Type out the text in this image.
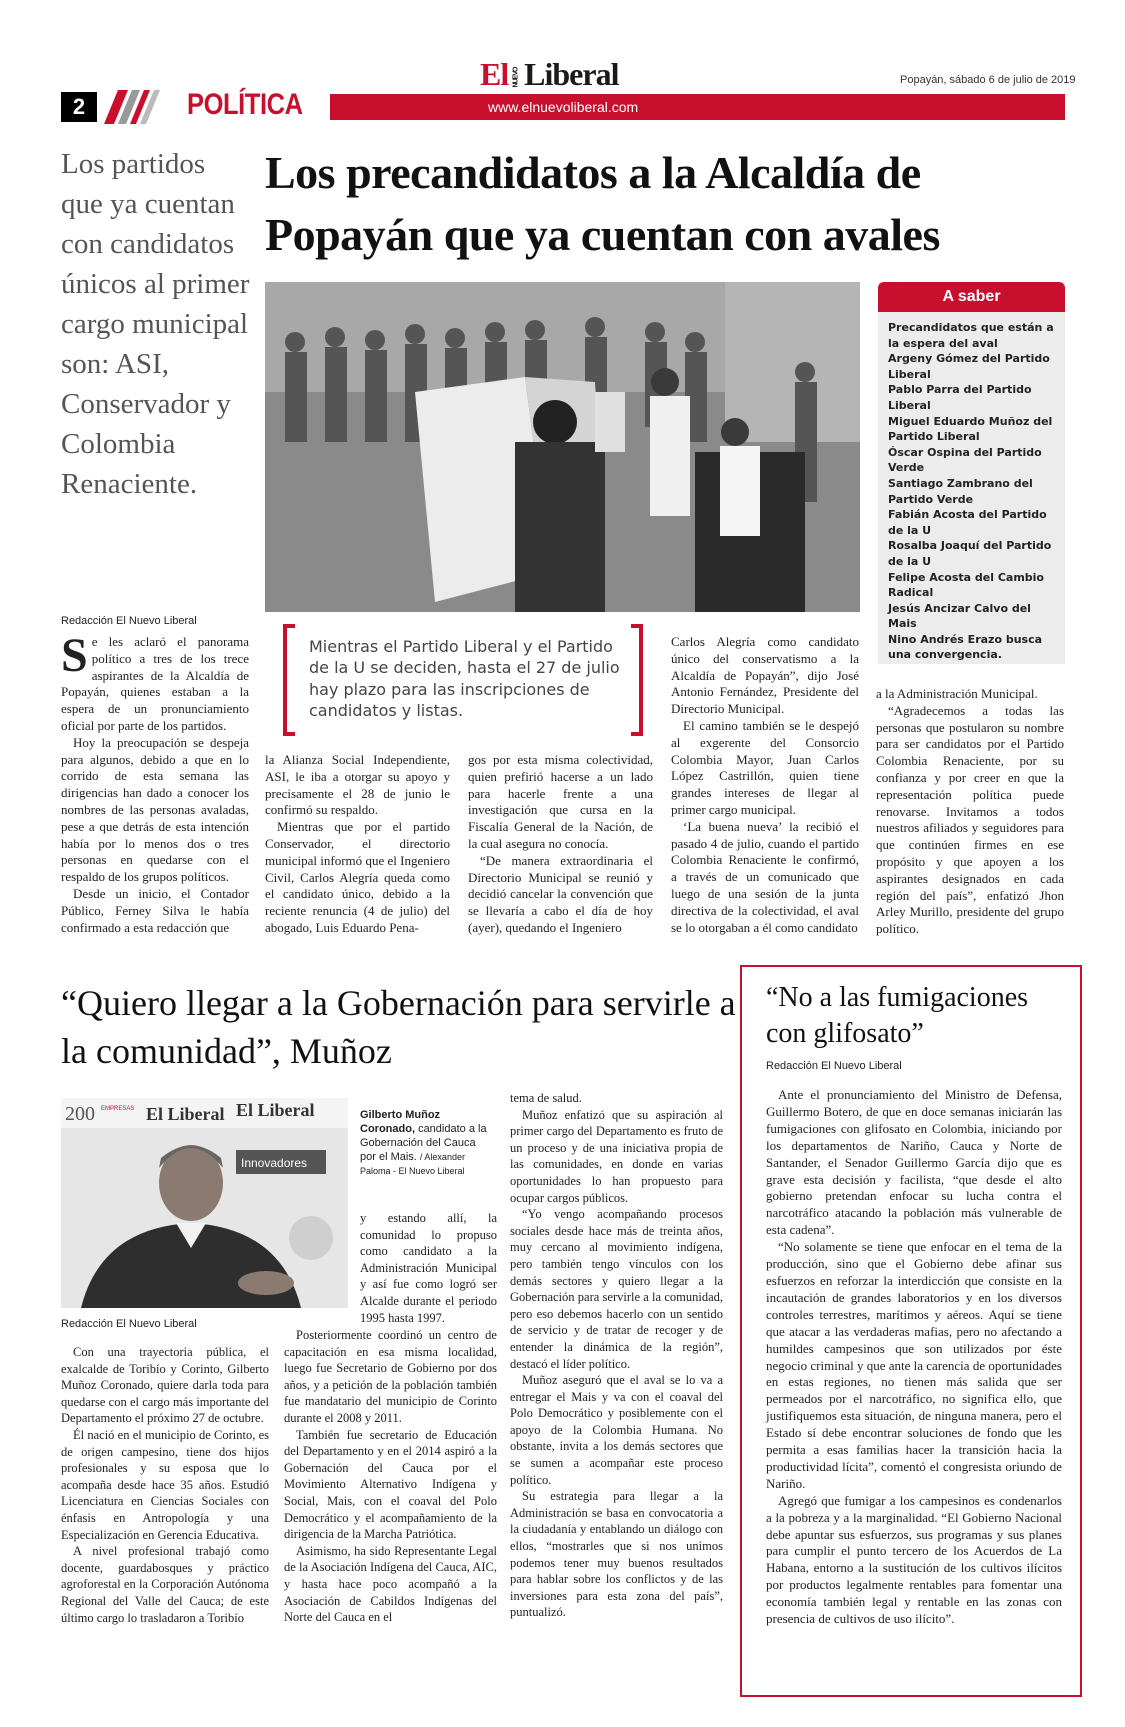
2	POLÍTICA	www.elnuevoliberal.com
El NUEVO Liberal	Popayán, sábado 6 de julio de 2019
Los partidos que ya cuentan con candidatos únicos al primer cargo municipal son: ASI, Conservador y Colombia Renaciente.
Los precandidatos a la Alcaldía de Popayán que ya cuentan con avales
A saber
Precandidatos que están a la espera del aval
Argeny Gómez del Partido Liberal
Pablo Parra del Partido Liberal
Miguel Eduardo Muñoz del Partido Liberal
Óscar Ospina del Partido Verde
Santiago Zambrano del Partido Verde
Fabián Acosta del Partido de la U
Rosalba Joaquí del Partido de la U
Felipe Acosta del Cambio Radical
Jesús Ancizar Calvo del Mais
Nino Andrés Erazo busca una convergencia.
Redacción El Nuevo Liberal
Mientras el Partido Liberal y el Partido de la U se deciden, hasta el 27 de julio hay plazo para las inscripciones de candidatos y listas.

Se les aclaró el panorama político a tres de los trece aspirantes de la Alcaldía de Popayán, quienes estaban a la espera de un pronunciamiento oficial por parte de los partidos.

Hoy la preocupación se despeja para algunos, debido a que en lo corrido de esta semana las dirigencias han dado a conocer los nombres de las personas avaladas, pese a que detrás de esta intención había por lo menos dos o tres personas en quedarse con el respaldo de los grupos políticos.

Desde un inicio, el Contador Público, Ferney Silva le había confirmado a esta redacción que

la Alianza Social Independiente, ASI, le iba a otorgar su apoyo y precisamente el 28 de junio le confirmó su respaldo.

Mientras que por el partido Conservador, el directorio municipal informó que el Ingeniero Civil, Carlos Alegría queda como el candidato único, debido a la reciente renuncia (4 de julio) del abogado, Luis Eduardo Pena-

gos por esta misma colectividad, quien prefirió hacerse a un lado para hacerle frente a una investigación que cursa en la Fiscalía General de la Nación, de la cual asegura no conocía.

“De manera extraordinaria el Directorio Municipal se reunió y decidió cancelar la convención que se llevaría a cabo el día de hoy (ayer), quedando el Ingeniero

Carlos Alegría como candidato único del conservatismo a la Alcaldía de Popayán”, dijo José Antonio Fernández, Presidente del Directorio Municipal.

El camino también se le despejó al exgerente del Consorcio Colombia Mayor, Juan Carlos López Castrillón, quien tiene grandes intereses de llegar al primer cargo municipal.

‘La buena nueva’ la recibió el pasado 4 de julio, cuando el partido Colombia Renaciente le confirmó, a través de un comunicado que luego de una sesión de la junta directiva de la colectividad, el aval se lo otorgaban a él como candidato

a la Administración Municipal.

“Agradecemos a todas las personas que postularon su nombre para ser candidatos por el Partido Colombia Renaciente, por su confianza y por creer en que la representación política puede renovarse. Invitamos a todos nuestros afiliados y seguidores para que continúen firmes en ese propósito y que apoyen a los aspirantes designados en cada región del país”, enfatizó Jhon Arley Murillo, presidente del grupo político.

“Quiero llegar a la Gobernación para servirle a la comunidad”, Muñoz
200 EMPRESAS El Liberal El Liberal
Innovadores
Gilberto Muñoz Coronado, candidato a la Gobernación del Cauca por el Mais. / Alexander Paloma - El Nuevo Liberal
Redacción El Nuevo Liberal

Con una trayectoria pública, el exalcalde de Toribío y Corinto, Gilberto Muñoz Coronado, quiere darla toda para quedarse con el cargo más importante del Departamento el próximo 27 de octubre.

Él nació en el municipio de Corinto, es de origen campesino, tiene dos hijos profesionales y su esposa que lo acompaña desde hace 35 años. Estudió Licenciatura en Ciencias Sociales con énfasis en Antropología y una Especialización en Gerencia Educativa.

A nivel profesional trabajó como docente, guardabosques y práctico agroforestal en la Corporación Autónoma Regional del Valle del Cauca; de este último cargo lo trasladaron a Toribío

y estando allí, la comunidad lo propuso como candidato a la Administración Municipal y así fue como logró ser Alcalde durante el periodo 1995 hasta 1997.

Posteriormente coordinó un centro de capacitación en esa misma localidad, luego fue Secretario de Gobierno por dos años, y a petición de la población también fue mandatario del municipio de Corinto durante el 2008 y 2011.

También fue secretario de Educación del Departamento y en el 2014 aspiró a la Gobernación del Cauca por el Movimiento Alternativo Indígena y Social, Mais, con el coaval del Polo Democrático y el acompañamiento de la dirigencia de la Marcha Patriótica.

Asimismo, ha sido Representante Legal de la Asociación Indígena del Cauca, AIC, y hasta hace poco acompañó a la Asociación de Cabildos Indígenas del Norte del Cauca en el

tema de salud.

Muñoz enfatizó que su aspiración al primer cargo del Departamento es fruto de un proceso y de una iniciativa propia de las comunidades, en donde en varias oportunidades lo han propuesto para ocupar cargos públicos.

“Yo vengo acompañando procesos sociales desde hace más de treinta años, muy cercano al movimiento indígena, pero también tengo vínculos con los demás sectores y quiero llegar a la Gobernación para servirle a la comunidad, pero eso debemos hacerlo con un sentido de servicio y de tratar de recoger y de entender la dinámica de la región”, destacó el líder político.

Muñoz aseguró que el aval se lo va a entregar el Mais y va con el coaval del Polo Democrático y posiblemente con el apoyo de la Colombia Humana. No obstante, invita a los demás sectores que se sumen a acompañar este proceso político.

Su estrategia para llegar a la Administración se basa en convocatoria a la ciudadanía y entablando un diálogo con ellos, “mostrarles que si nos unimos podemos tener muy buenos resultados para hablar sobre los conflictos y de las inversiones para esta zona del país”, puntualizó.

“No a las fumigaciones con glifosato”
Redacción El Nuevo Liberal

Ante el pronunciamiento del Ministro de Defensa, Guillermo Botero, de que en doce semanas iniciarán las fumigaciones con glifosato en Colombia, iniciando por los departamentos de Nariño, Cauca y Norte de Santander, el Senador Guillermo García dijo que es grave esta decisión y facilista, “que desde el alto gobierno pretendan enfocar su lucha contra el narcotráfico atacando la población más vulnerable de esta cadena”.

“No solamente se tiene que enfocar en el tema de la producción, sino que el Gobierno debe afinar sus esfuerzos en reforzar la interdicción que consiste en la incautación de grandes laboratorios y en los diversos controles terrestres, marítimos y aéreos. Aquí se tiene que atacar a las verdaderas mafias, pero no afectando a humildes campesinos que son utilizados por éste negocio criminal y que ante la carencia de oportunidades en estas regiones, no tienen más salida que ser permeados por el narcotráfico, no significa ello, que justifiquemos esta situación, de ninguna manera, pero el Estado sí debe encontrar soluciones de fondo que les permita a esas familias hacer la transición hacia la productividad lícita”, comentó el congresista oriundo de Nariño.

Agregó que fumigar a los campesinos es condenarlos a la pobreza y a la marginalidad. “El Gobierno Nacional debe apuntar sus esfuerzos, sus programas y sus planes para cumplir el punto tercero de los Acuerdos de La Habana, entorno a la sustitución de los cultivos ilícitos por productos legalmente rentables para fomentar una economía también legal y rentable en las zonas con presencia de cultivos de uso ilícito”.
